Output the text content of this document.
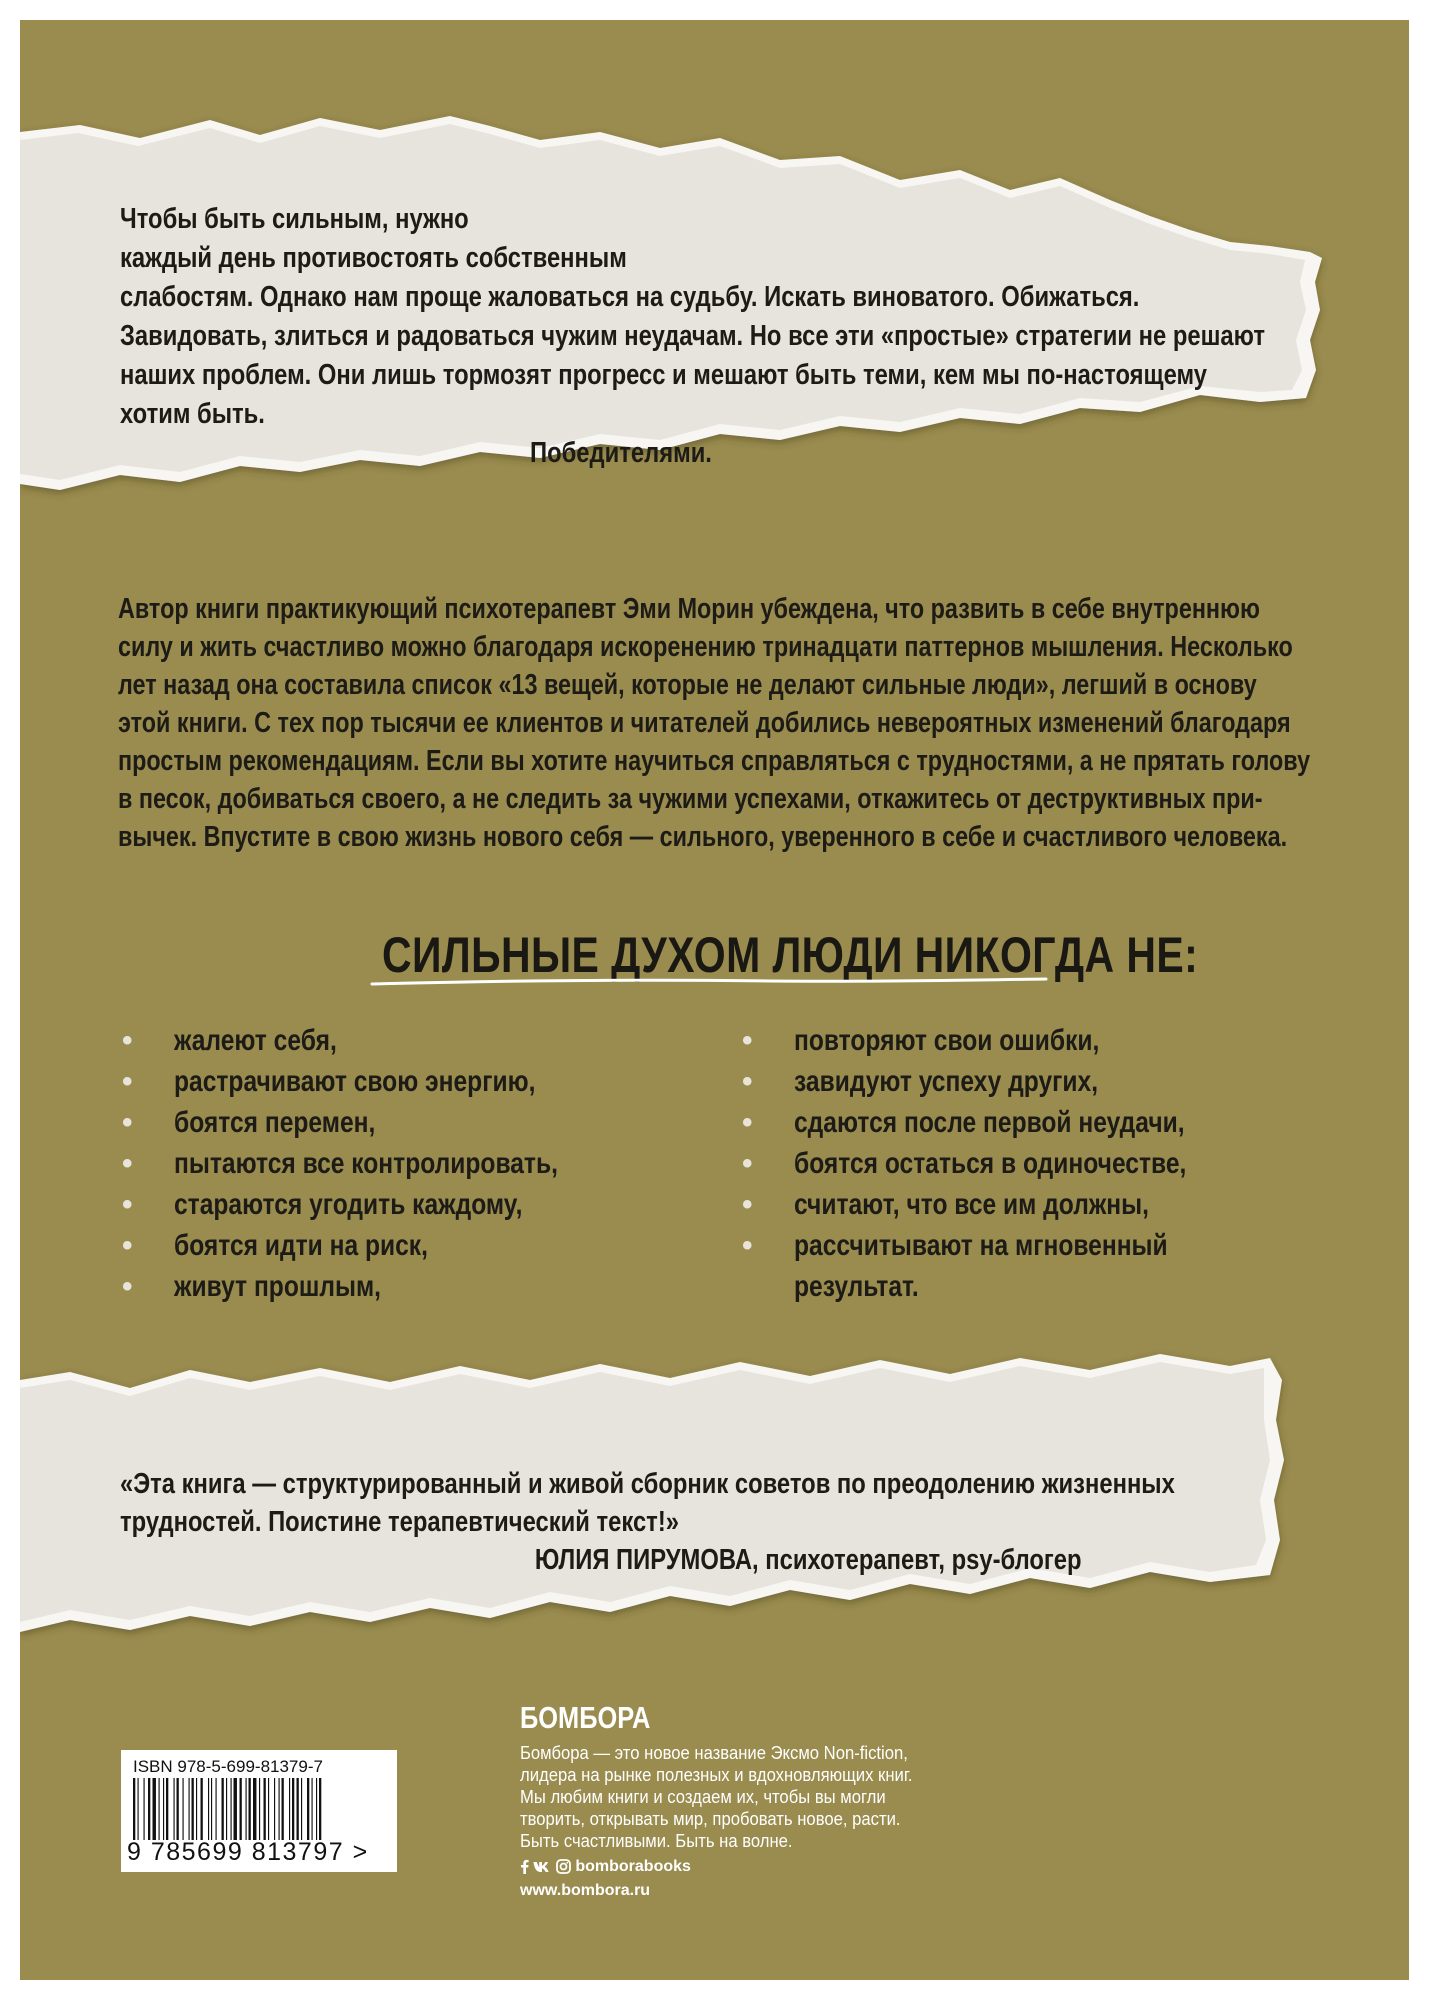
Чтобы быть сильным, нужно
каждый день противостоять собственным
слабостям. Однако нам проще жаловаться на судьбу. Искать виноватого. Обижаться.
Завидовать, злиться и радоваться чужим неудачам. Но все эти «простые» стратегии не решают
наших проблем. Они лишь тормозят прогресс и мешают быть теми, кем мы по-настоящему
хотим быть.
Победителями.
Автор книги практикующий психотерапевт Эми Морин убеждена, что развить в себе внутреннюю
силу и жить счастливо можно благодаря искоренению тринадцати паттернов мышления. Несколько
лет назад она составила список «13 вещей, которые не делают сильные люди», легший в основу
этой книги. С тех пор тысячи ее клиентов и читателей добились невероятных изменений благодаря
простым рекомендациям. Если вы хотите научиться справляться с трудностями, а не прятать голову
в песок, добиваться своего, а не следить за чужими успехами, откажитесь от деструктивных при-
вычек. Впустите в свою жизнь нового себя — сильного, уверенного в себе и счастливого человека.
СИЛЬНЫЕ ДУХОМ ЛЮДИ НИКОГДА НЕ:
• жалеют себя,
• растрачивают свою энергию,
• боятся перемен,
• пытаются все контролировать,
• стараются угодить каждому,
• боятся идти на риск,
• живут прошлым,
• повторяют свои ошибки,
• завидуют успеху других,
• сдаются после первой неудачи,
• боятся остаться в одиночестве,
• считают, что все им должны,
• рассчитывают на мгновенный
результат.
«Эта книга — структурированный и живой сборник советов по преодолению жизненных
трудностей. Поистине терапевтический текст!»
ЮЛИЯ ПИРУМОВА, психотерапевт, psy-блогер
ISBN 978-5-699-81379-7
9 785699 813797 >
БОМБОРА
Бомбора — это новое название Эксмо Non-fiction,
лидера на рынке полезных и вдохновляющих книг.
Мы любим книги и создаем их, чтобы вы могли
творить, открывать мир, пробовать новое, расти.
Быть счастливыми. Быть на волне.
bomborabooks
www.bombora.ru
